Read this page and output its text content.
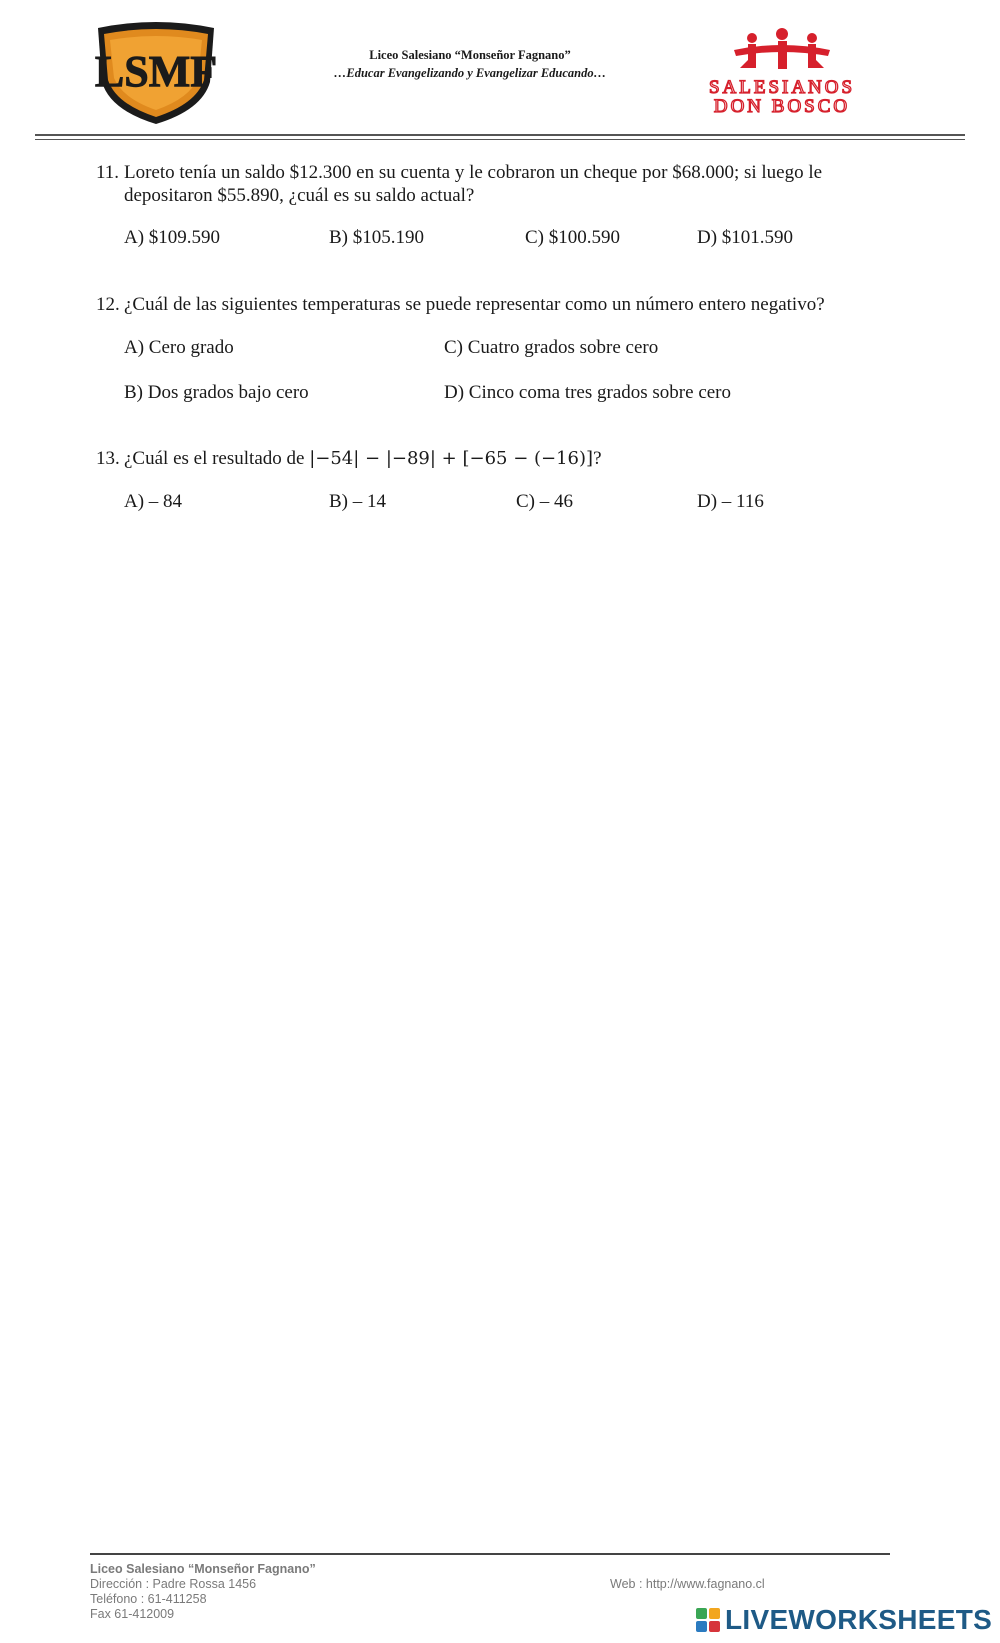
LSMF	Liceo Salesiano “Monseñor Fagnano”
…Educar Evangelizando y Evangelizar Educando…
SALESIANOS
DON BOSCO
11. Loreto tenía un saldo $12.300 en su cuenta y le cobraron un cheque por $68.000; si luego le
depositaron $55.890, ¿cuál es su saldo actual?
A) $109.590	B) $105.190	C) $100.590	D) $101.590
12. ¿Cuál de las siguientes temperaturas se puede representar como un número entero negativo?
A) Cero grado
B) Dos grados bajo cero
C) Cuatro grados sobre cero
D) Cinco coma tres grados sobre cero
13. ¿Cuál es el resultado de |−54| − |−89| + [−65 − (−16)]?
A) – 84	B) – 14	C) – 46	D) – 116
Liceo Salesiano “Monseñor Fagnano”
Dirección : Padre Rossa 1456
Teléfono : 61-411258
Fax 61-412009
Web : http://www.fagnano.cl
LIVEWORKSHEETS
